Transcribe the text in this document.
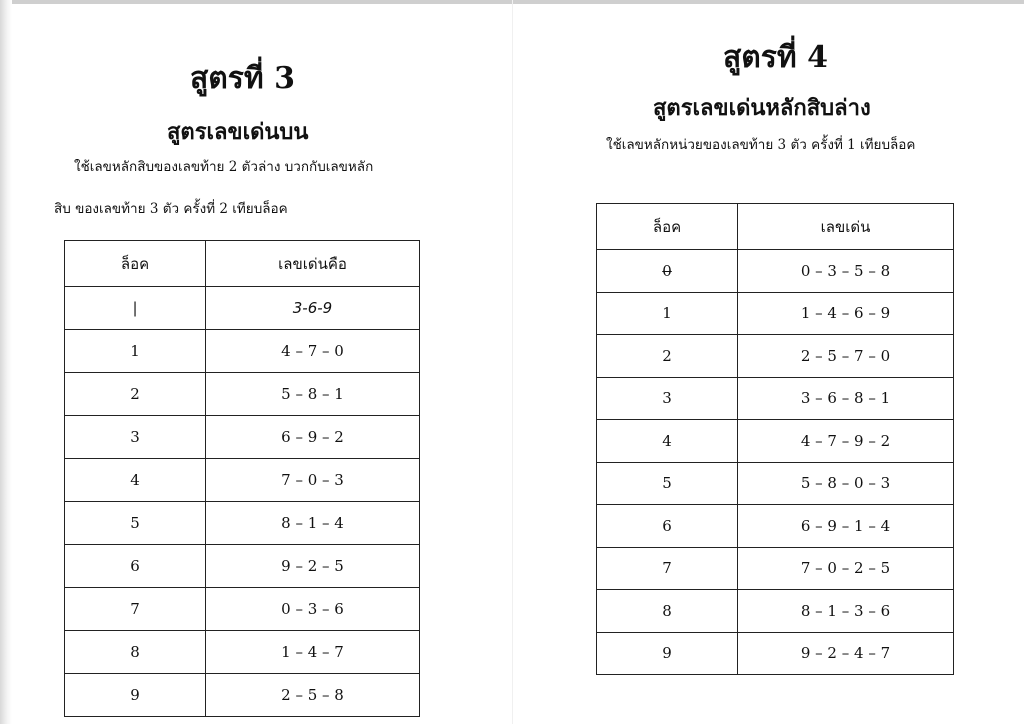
สูตรที่ 3
สูตรเลขเด่นบน
ใช้เลขหลักสิบของเลขท้าย 2 ตัวล่าง บวกกับเลขหลัก
สิบ ของเลขท้าย 3 ตัว ครั้งที่ 2 เทียบล็อค
ล็อค	เลขเด่นคือ
|	3-6-9
1	4 – 7 – 0
2	5 – 8 – 1
3	6 – 9 – 2
4	7 – 0 – 3
5	8 – 1 – 4
6	9 – 2 – 5
7	0 – 3 – 6
8	1 – 4 – 7
9	2 – 5 – 8
สูตรที่ 4
สูตรเลขเด่นหลักสิบล่าง
ใช้เลขหลักหน่วยของเลขท้าย 3 ตัว ครั้งที่ 1 เทียบล็อค
ล็อค	เลขเด่น
0	0 – 3 – 5 – 8
1	1 – 4 – 6 – 9
2	2 – 5 – 7 – 0
3	3 – 6 – 8 – 1
4	4 – 7 – 9 – 2
5	5 – 8 – 0 – 3
6	6 – 9 – 1 – 4
7	7 – 0 – 2 – 5
8	8 – 1 – 3 – 6
9	9 – 2 – 4 – 7
